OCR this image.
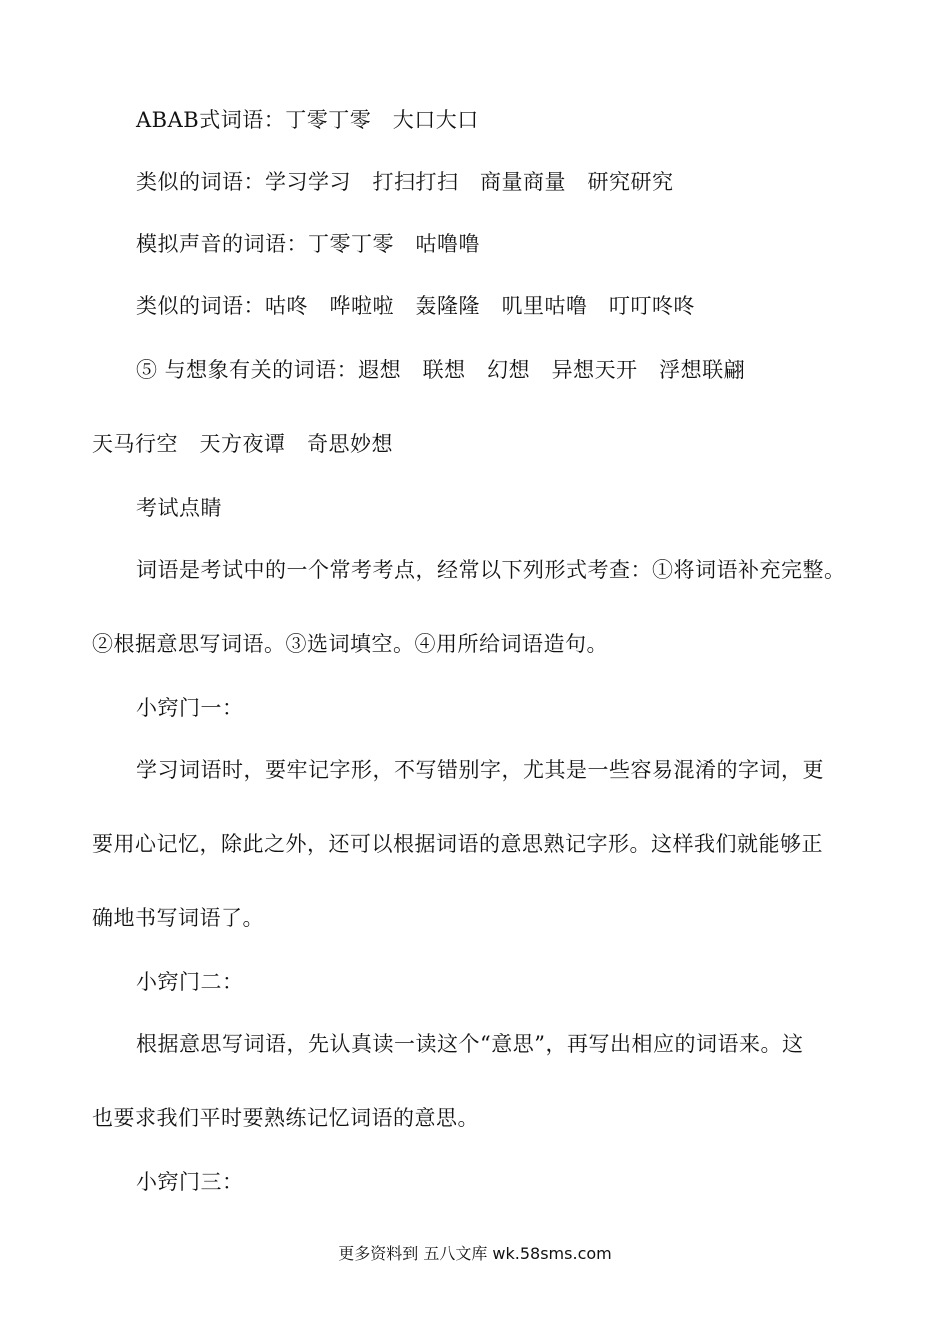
ABAB式词语：丁零丁零　大口大口
类似的词语：学习学习　打扫打扫　商量商量　研究研究
模拟声音的词语：丁零丁零　咕噜噜
类似的词语：咕咚　哗啦啦　轰隆隆　叽里咕噜　叮叮咚咚
⑤ 与想象有关的词语：遐想　联想　幻想　异想天开　浮想联翩
天马行空　天方夜谭　奇思妙想
考试点睛
词语是考试中的一个常考考点，经常以下列形式考查：①将词语补充完整。
②根据意思写词语。③选词填空。④用所给词语造句。
小窍门一：
学习词语时，要牢记字形，不写错别字，尤其是一些容易混淆的字词，更
要用心记忆，除此之外，还可以根据词语的意思熟记字形。这样我们就能够正
确地书写词语了。
小窍门二：
根据意思写词语，先认真读一读这个“意思”，再写出相应的词语来。这
也要求我们平时要熟练记忆词语的意思。
小窍门三：
更多资料到 五八文库 wk.58sms.com
